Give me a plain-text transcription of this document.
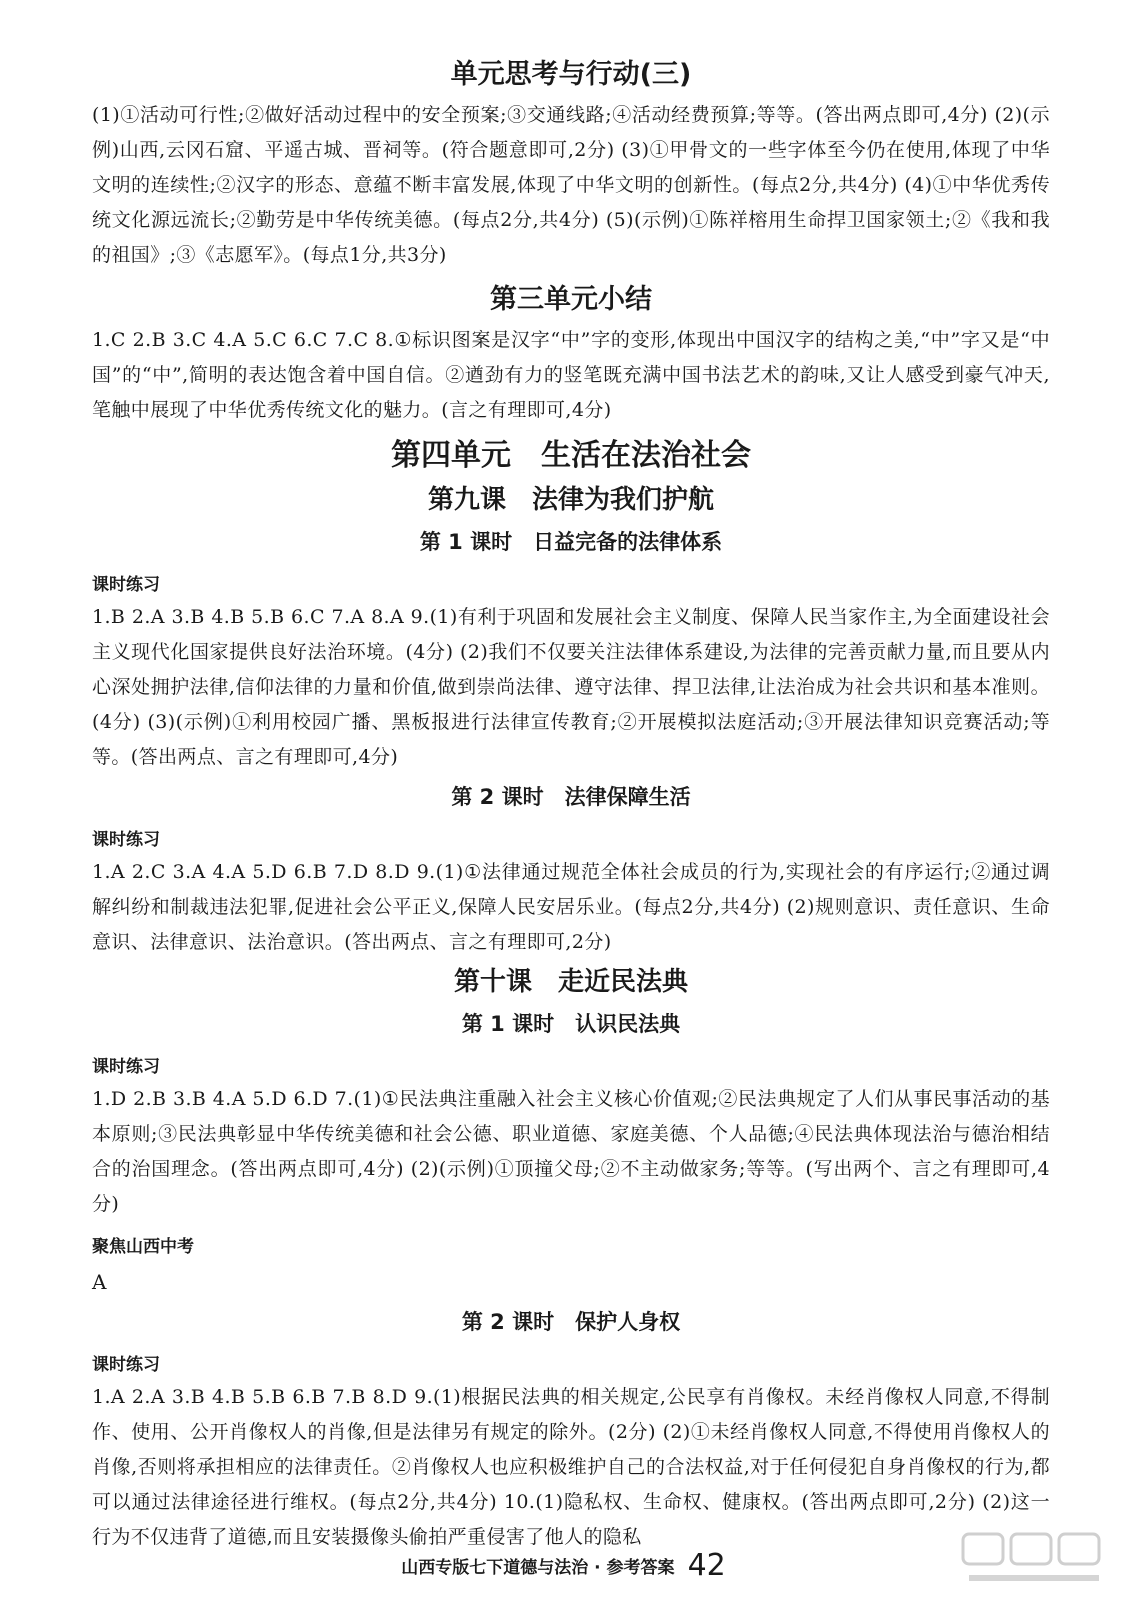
单元思考与行动(三)

(1)①活动可行性;②做好活动过程中的安全预案;③交通线路;④活动经费预算;等等。(答出两点即可,4分) (2)(示例)山西,云冈石窟、平遥古城、晋祠等。(符合题意即可,2分) (3)①甲骨文的一些字体至今仍在使用,体现了中华文明的连续性;②汉字的形态、意蕴不断丰富发展,体现了中华文明的创新性。(每点2分,共4分) (4)①中华优秀传统文化源远流长;②勤劳是中华传统美德。(每点2分,共4分) (5)(示例)①陈祥榕用生命捍卫国家领土;②《我和我的祖国》;③《志愿军》。(每点1分,共3分)

第三单元小结

1.C 2.B 3.C 4.A 5.C 6.C 7.C 8.①标识图案是汉字“中”字的变形,体现出中国汉字的结构之美,“中”字又是“中国”的“中”,简明的表达饱含着中国自信。②遒劲有力的竖笔既充满中国书法艺术的韵味,又让人感受到豪气冲天,笔触中展现了中华优秀传统文化的魅力。(言之有理即可,4分)

第四单元　生活在法治社会
第九课　法律为我们护航
第 1 课时　日益完备的法律体系
课时练习

1.B 2.A 3.B 4.B 5.B 6.C 7.A 8.A 9.(1)有利于巩固和发展社会主义制度、保障人民当家作主,为全面建设社会主义现代化国家提供良好法治环境。(4分) (2)我们不仅要关注法律体系建设,为法律的完善贡献力量,而且要从内心深处拥护法律,信仰法律的力量和价值,做到崇尚法律、遵守法律、捍卫法律,让法治成为社会共识和基本准则。(4分) (3)(示例)①利用校园广播、黑板报进行法律宣传教育;②开展模拟法庭活动;③开展法律知识竞赛活动;等等。(答出两点、言之有理即可,4分)

第 2 课时　法律保障生活
课时练习

1.A 2.C 3.A 4.A 5.D 6.B 7.D 8.D 9.(1)①法律通过规范全体社会成员的行为,实现社会的有序运行;②通过调解纠纷和制裁违法犯罪,促进社会公平正义,保障人民安居乐业。(每点2分,共4分) (2)规则意识、责任意识、生命意识、法律意识、法治意识。(答出两点、言之有理即可,2分)

第十课　走近民法典
第 1 课时　认识民法典
课时练习

1.D 2.B 3.B 4.A 5.D 6.D 7.(1)①民法典注重融入社会主义核心价值观;②民法典规定了人们从事民事活动的基本原则;③民法典彰显中华传统美德和社会公德、职业道德、家庭美德、个人品德;④民法典体现法治与德治相结合的治国理念。(答出两点即可,4分) (2)(示例)①顶撞父母;②不主动做家务;等等。(写出两个、言之有理即可,4分)

聚焦山西中考

A

第 2 课时　保护人身权
课时练习

1.A 2.A 3.B 4.B 5.B 6.B 7.B 8.D 9.(1)根据民法典的相关规定,公民享有肖像权。未经肖像权人同意,不得制作、使用、公开肖像权人的肖像,但是法律另有规定的除外。(2分) (2)①未经肖像权人同意,不得使用肖像权人的肖像,否则将承担相应的法律责任。②肖像权人也应积极维护自己的合法权益,对于任何侵犯自身肖像权的行为,都可以通过法律途径进行维权。(每点2分,共4分) 10.(1)隐私权、生命权、健康权。(答出两点即可,2分) (2)这一行为不仅违背了道德,而且安装摄像头偷拍严重侵害了他人的隐私

山西专版七下道德与法治 · 参考答案 42
